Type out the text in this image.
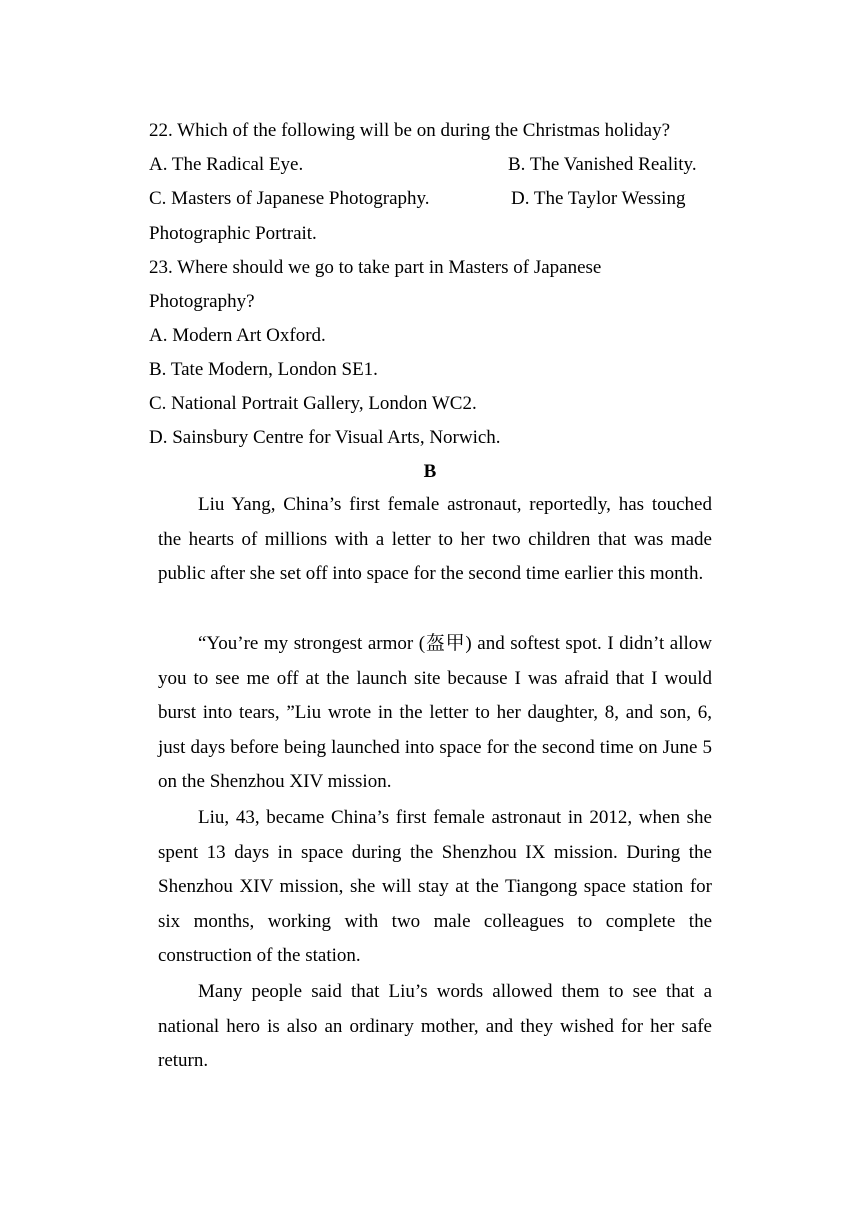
22. Which of the following will be on during the Christmas holiday?
A. The Radical Eye.	B. The Vanished Reality.
C. Masters of Japanese Photography.	D. The Taylor Wessing
Photographic Portrait.
23. Where should we go to take part in Masters of Japanese
Photography?
A. Modern Art Oxford.
B. Tate Modern, London SE1.
C. National Portrait Gallery, London WC2.
D. Sainsbury Centre for Visual Arts, Norwich.
B

Liu Yang, China’s first female astronaut, reportedly, has touched the hearts of millions with a letter to her two children that was made public after she set off into space for the second time earlier this month.

“You’re my strongest armor (盔甲) and softest spot. I didn’t allow you to see me off at the launch site because I was afraid that I would burst into tears, ”Liu wrote in the letter to her daughter, 8, and son, 6, just days before being launched into space for the second time on June 5 on the Shenzhou XIV mission.

Liu, 43, became China’s first female astronaut in 2012, when she spent 13 days in space during the Shenzhou IX mission. During the Shenzhou XIV mission, she will stay at the Tiangong space station for six months, working with two male colleagues to complete the construction of the station.

Many people said that Liu’s words allowed them to see that a national hero is also an ordinary mother, and they wished for her safe return.
